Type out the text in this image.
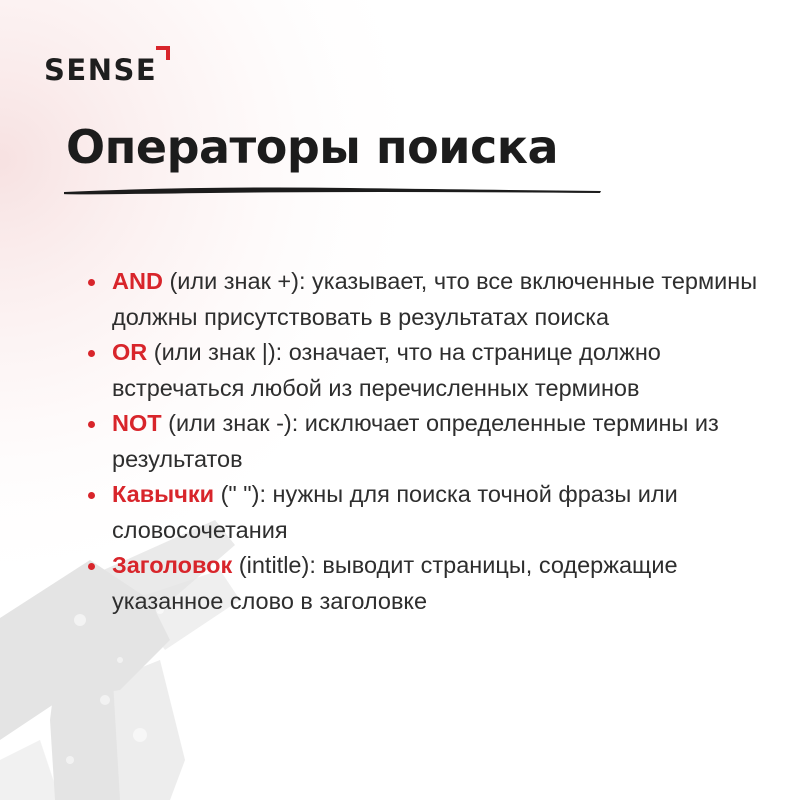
SENSE
Операторы поиска
AND (или знак +): указывает, что все включенные термины должны присутствовать в результатах поиска
OR (или знак |): означает, что на странице должно встречаться любой из перечисленных терминов
NOT (или знак -): исключает определенные термины из результатов
Кавычки (" "): нужны для поиска точной фразы или словосочетания
Заголовок (intitle): выводит страницы, содержащие указанное слово в заголовке
